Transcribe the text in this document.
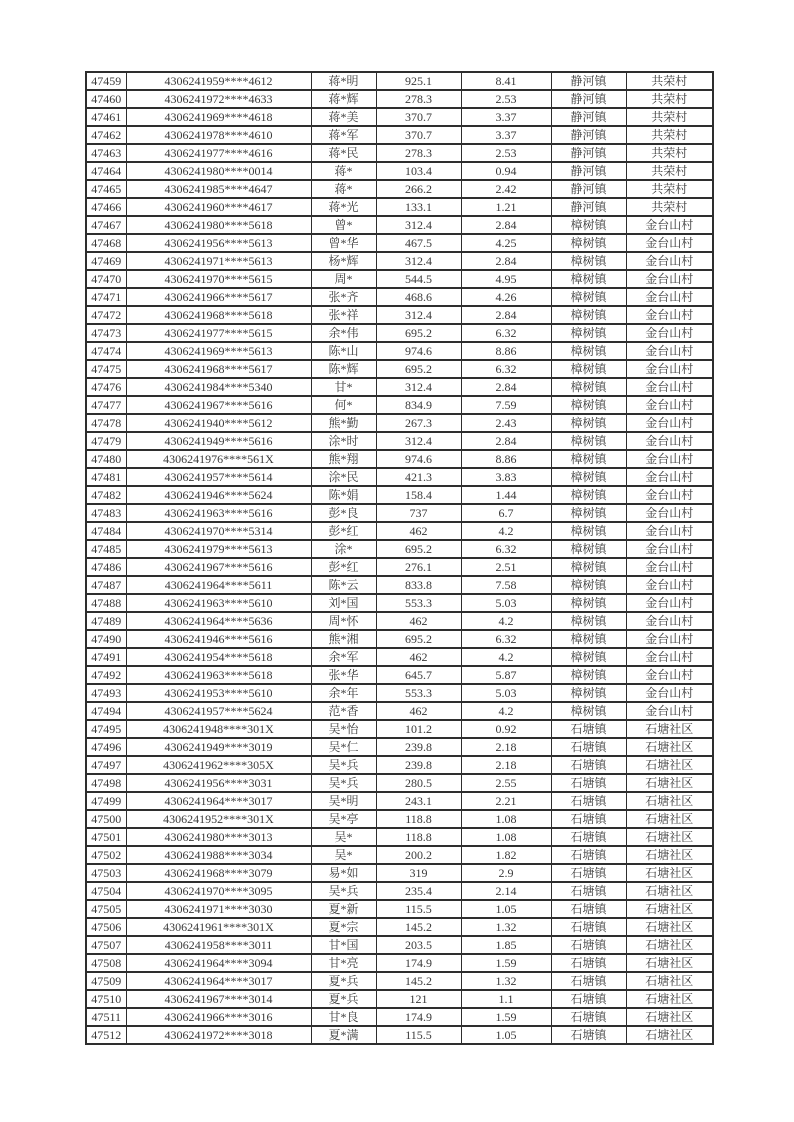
47459	4306241959****4612	蒋*明	925.1	8.41	静河镇	共荣村
47460	4306241972****4633	蒋*辉	278.3	2.53	静河镇	共荣村
47461	4306241969****4618	蒋*美	370.7	3.37	静河镇	共荣村
47462	4306241978****4610	蒋*军	370.7	3.37	静河镇	共荣村
47463	4306241977****4616	蒋*民	278.3	2.53	静河镇	共荣村
47464	4306241980****0014	蒋*	103.4	0.94	静河镇	共荣村
47465	4306241985****4647	蒋*	266.2	2.42	静河镇	共荣村
47466	4306241960****4617	蒋*光	133.1	1.21	静河镇	共荣村
47467	4306241980****5618	曾*	312.4	2.84	樟树镇	金台山村
47468	4306241956****5613	曾*华	467.5	4.25	樟树镇	金台山村
47469	4306241971****5613	杨*辉	312.4	2.84	樟树镇	金台山村
47470	4306241970****5615	周*	544.5	4.95	樟树镇	金台山村
47471	4306241966****5617	张*齐	468.6	4.26	樟树镇	金台山村
47472	4306241968****5618	张*祥	312.4	2.84	樟树镇	金台山村
47473	4306241977****5615	余*伟	695.2	6.32	樟树镇	金台山村
47474	4306241969****5613	陈*山	974.6	8.86	樟树镇	金台山村
47475	4306241968****5617	陈*辉	695.2	6.32	樟树镇	金台山村
47476	4306241984****5340	甘*	312.4	2.84	樟树镇	金台山村
47477	4306241967****5616	何*	834.9	7.59	樟树镇	金台山村
47478	4306241940****5612	熊*勤	267.3	2.43	樟树镇	金台山村
47479	4306241949****5616	涂*时	312.4	2.84	樟树镇	金台山村
47480	4306241976****561X	熊*翔	974.6	8.86	樟树镇	金台山村
47481	4306241957****5614	涂*民	421.3	3.83	樟树镇	金台山村
47482	4306241946****5624	陈*娟	158.4	1.44	樟树镇	金台山村
47483	4306241963****5616	彭*良	737	6.7	樟树镇	金台山村
47484	4306241970****5314	彭*红	462	4.2	樟树镇	金台山村
47485	4306241979****5613	涂*	695.2	6.32	樟树镇	金台山村
47486	4306241967****5616	彭*红	276.1	2.51	樟树镇	金台山村
47487	4306241964****5611	陈*云	833.8	7.58	樟树镇	金台山村
47488	4306241963****5610	刘*国	553.3	5.03	樟树镇	金台山村
47489	4306241964****5636	周*怀	462	4.2	樟树镇	金台山村
47490	4306241946****5616	熊*湘	695.2	6.32	樟树镇	金台山村
47491	4306241954****5618	余*军	462	4.2	樟树镇	金台山村
47492	4306241963****5618	张*华	645.7	5.87	樟树镇	金台山村
47493	4306241953****5610	余*年	553.3	5.03	樟树镇	金台山村
47494	4306241957****5624	范*香	462	4.2	樟树镇	金台山村
47495	4306241948****301X	吴*怡	101.2	0.92	石塘镇	石塘社区
47496	4306241949****3019	吴*仁	239.8	2.18	石塘镇	石塘社区
47497	4306241962****305X	吴*兵	239.8	2.18	石塘镇	石塘社区
47498	4306241956****3031	吴*兵	280.5	2.55	石塘镇	石塘社区
47499	4306241964****3017	吴*明	243.1	2.21	石塘镇	石塘社区
47500	4306241952****301X	吴*亭	118.8	1.08	石塘镇	石塘社区
47501	4306241980****3013	吴*	118.8	1.08	石塘镇	石塘社区
47502	4306241988****3034	吴*	200.2	1.82	石塘镇	石塘社区
47503	4306241968****3079	易*如	319	2.9	石塘镇	石塘社区
47504	4306241970****3095	吴*兵	235.4	2.14	石塘镇	石塘社区
47505	4306241971****3030	夏*新	115.5	1.05	石塘镇	石塘社区
47506	4306241961****301X	夏*宗	145.2	1.32	石塘镇	石塘社区
47507	4306241958****3011	甘*国	203.5	1.85	石塘镇	石塘社区
47508	4306241964****3094	甘*亮	174.9	1.59	石塘镇	石塘社区
47509	4306241964****3017	夏*兵	145.2	1.32	石塘镇	石塘社区
47510	4306241967****3014	夏*兵	121	1.1	石塘镇	石塘社区
47511	4306241966****3016	甘*良	174.9	1.59	石塘镇	石塘社区
47512	4306241972****3018	夏*满	115.5	1.05	石塘镇	石塘社区
